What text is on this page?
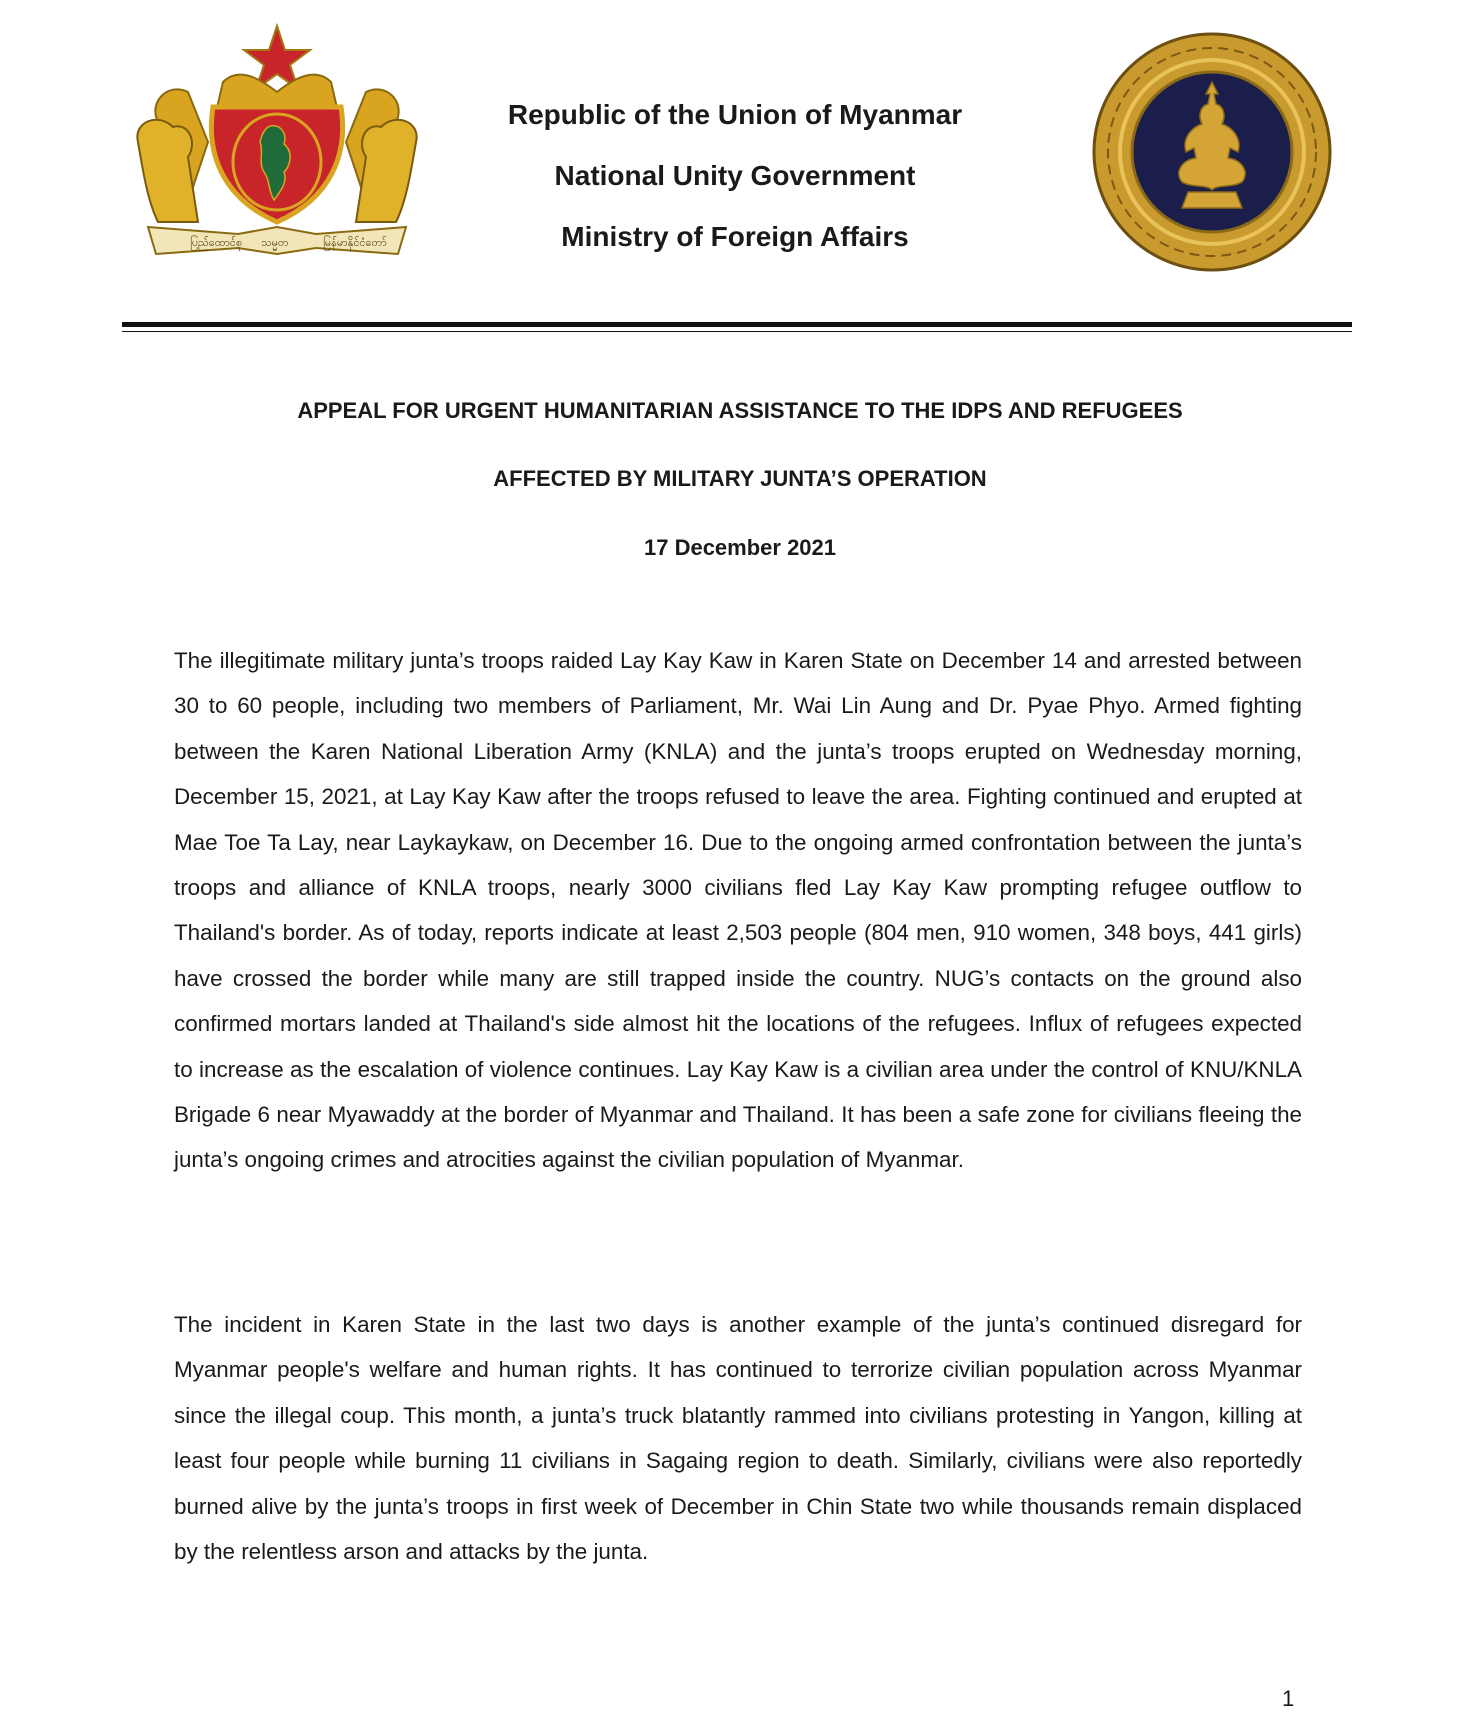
ပြည်ထောင်စု သမ္မတ	မြန်မာနိုင်ငံတော်
Republic of the Union of Myanmar
National Unity Government
Ministry of Foreign Affairs
APPEAL FOR URGENT HUMANITARIAN ASSISTANCE TO THE IDPS AND REFUGEES
AFFECTED BY MILITARY JUNTA’S OPERATION
17 December 2021

The illegitimate military junta’s troops raided Lay Kay Kaw in Karen State on December 14 and arrested between 30 to 60 people, including two members of Parliament, Mr. Wai Lin Aung and Dr. Pyae Phyo. Armed fighting between the Karen National Liberation Army (KNLA) and the junta’s troops erupted on Wednesday morning, December 15, 2021, at Lay Kay Kaw after the troops refused to leave the area. Fighting continued and erupted at Mae Toe Ta Lay, near Laykaykaw, on December 16. Due to the ongoing armed confrontation between the junta’s troops and alliance of KNLA troops, nearly 3000 civilians fled Lay Kay Kaw prompting refugee outflow to Thailand's border. As of today, reports indicate at least 2,503 people (804 men, 910 women, 348 boys, 441 girls) have crossed the border while many are still trapped inside the country. NUG’s contacts on the ground also confirmed mortars landed at Thailand's side almost hit the locations of the refugees. Influx of refugees expected to increase as the escalation of violence continues. Lay Kay Kaw is a civilian area under the control of KNU/KNLA Brigade 6 near Myawaddy at the border of Myanmar and Thailand. It has been a safe zone for civilians fleeing the junta’s ongoing crimes and atrocities against the civilian population of Myanmar.

The incident in Karen State in the last two days is another example of the junta’s continued disregard for Myanmar people's welfare and human rights. It has continued to terrorize civilian population across Myanmar since the illegal coup. This month, a junta’s truck blatantly rammed into civilians protesting in Yangon, killing at least four people while burning 11 civilians in Sagaing region to death. Similarly, civilians were also reportedly burned alive by the junta’s troops in first week of December in Chin State two while thousands remain displaced by the relentless arson and attacks by the junta.

1
